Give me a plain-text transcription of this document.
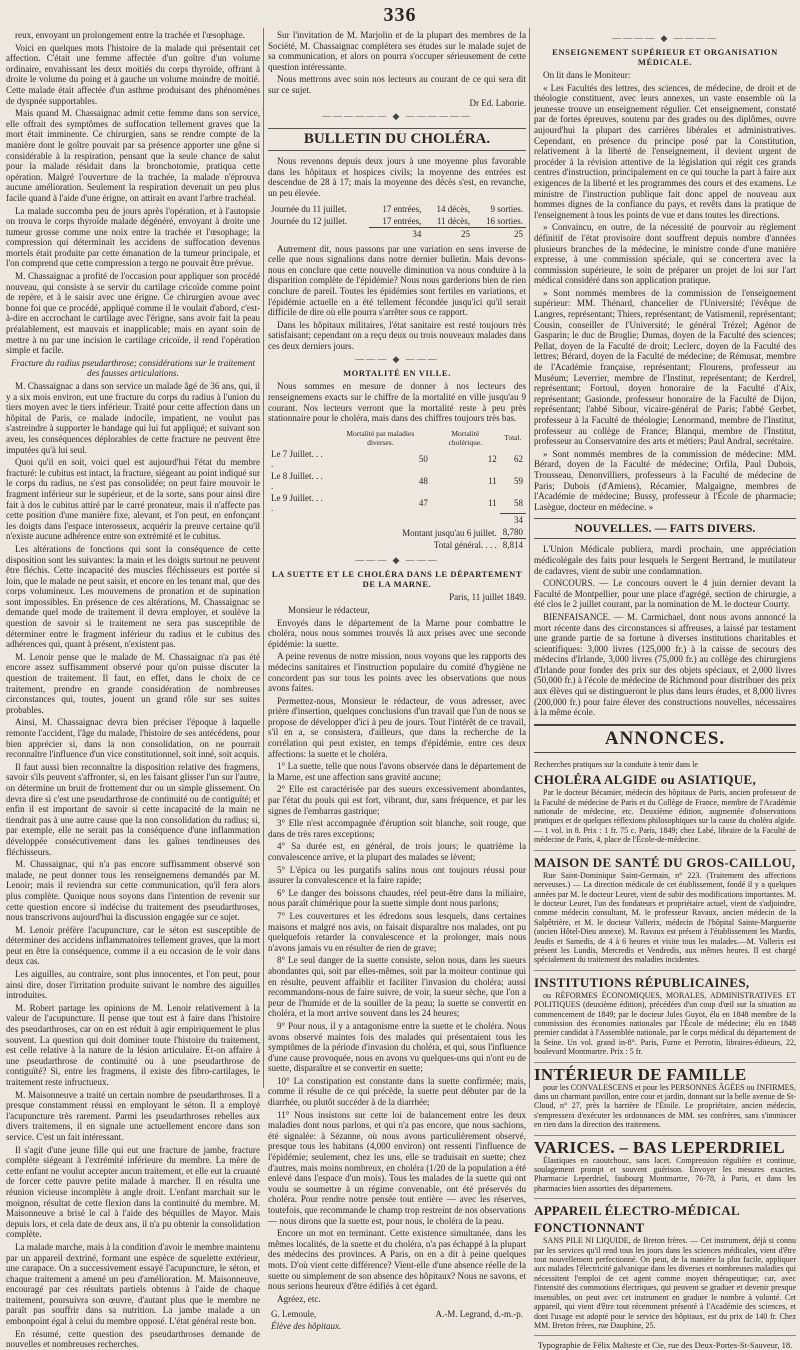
336

reux, envoyant un prolongement entre la trachée et l'œsophage.

Voici en quelques mots l'histoire de la malade qui présentait cet affection. C'était une femme affectée d'un goître d'un volume ordinaire, envahissant les deux moitiés du corps thyroïde, offrant à droite le volume du poing et à gauche un volume moindre de moitié. Cette malade était affectée d'un asthme produisant des phénomènes de dyspnée supportables.

Mais quand M. Chassaignac admit cette femme dans son service, elle offrait des symptômes de suffocation tellement graves que la mort était imminente. Ce chirurgien, sans se rendre compte de la manière dont le goître pouvait par sa présence apporter une gêne si considérable à la respiration, pensant que la seule chance de salut pour la malade résidait dans la bronchotomie, pratiqua cette opération. Malgré l'ouverture de la trachée, la malade n'éprouva aucune amélioration. Seulement la respiration devenait un peu plus facile quand à l'aide d'une érigne, on attirait en avant l'arbre trachéal.

La malade succomba peu de jours après l'opération, et à l'autopsie on trouva le corps thyroïde malade dégénéré, envoyant à droite une tumeur grosse comme une noix entre la trachée et l'œsophage; la compression qui déterminait les accidens de suffocation devenus mortels était produite par cette émanation de la tumeur principale, et l'on comprend que cette compression a tergo ne pouvait être prévue.

M. Chassaignac a profité de l'occasion pour appliquer son procédé nouveau, qui consiste à se servir du cartilage cricoïde comme point de repère, et à le saisir avec une érigne. Ce chirurgien avoue avec bonne foi que ce procédé, appliqué comme il le voulait d'abord, c'est-à-dire en accrochant le cartilage avec l'érigne, sans avoir fait la peau préalablement, est mauvais et inapplicable; mais en ayant soin de mettre à nu par une incision le cartilage cricoïde, il rend l'opération simple et facile.

Fracture du radius pseudarthrose; considérations sur le traitement des fausses articulations.

M. Chassaignac a dans son service un malade âgé de 36 ans, qui, il y a six mois environ, eut une fracture du corps du radius à l'union du tiers moyen avec le tiers inférieur. Traité pour cette affection dans un hôpital de Paris, ce malade indocile, impatient, ne voulut pas s'astreindre à supporter le bandage qui lui fut appliqué; et suivant son aveu, les conséquences déplorables de cette fracture ne peuvent être imputées qu'à lui seul.

Quoi qu'il en soit, voici quel est aujourd'hui l'état du membre fracturé: le cubitus est intact, la fracture, siégeant au point indiqué sur le corps du radius, ne s'est pas consolidée; on peut faire mouvoir le fragment inférieur sur le supérieur, et de la sorte, sans pour ainsi dire fait à dos le cubitus attiré par le carré pronateur, mais il n'affecte pas cette position d'une manière fixe, alevant, et l'on peut, en enfonçant les doigts dans l'espace interosseux, acquérir la preuve certaine qu'il n'existe aucune adhérence entre son extrémité et le cubitus.

Les altérations de fonctions qui sont la conséquence de cette disposition sont les suivantes: la main et les doigts surtout ne peuvent être fléchis. Cette incapacité des muscles fléchisseurs est portée si loin, que le malade ne peut saisir, et encore en les tenant mal, que des corps volumineux. Les mouvemens de pronation et de supination sont impossibles. En présence de ces altérations, M. Chassaignac se demande quel mode de traitement il devra employer, et soulève la question de savoir si le traitement ne sera pas susceptible de déterminer entre le fragment inférieur du radius et le cubitus des adhérences qui, quant à présent, n'existent pas.

M. Lenoir pense que le malade de M. Chassaignac n'a pas été encore assez suffisamment observé pour qu'on puisse discuter la question de traitement. Il faut, en effet, dans le choix de ce traitement, prendre en grande considération de nombreuses circonstances qui, toutes, jouent un grand rôle sur ses suites probables.

Ainsi, M. Chassaignac devra bien préciser l'époque à laquelle remonte l'accident, l'âge du malade, l'histoire de ses antécédens, pour bien apprécier si, dans la non consolidation, on ne pourrait reconnaître l'influence d'un vice constitutionnel, soit inné, soit acquis.

Il faut aussi bien reconnaître la disposition relative des fragmens, savoir s'ils peuvent s'affronter, si, en les faisant glisser l'un sur l'autre, on détermine un bruit de frottement dur ou un simple glissement. On devra dire si c'est une pseudarthrose de continuité ou de contiguïté; et enfin il est important de savoir si cette incapacité de la main ne tiendrait pas à une autre cause que la non consolidation du radius; si, par exemple, elle ne serait pas la conséquence d'une inflammation développée consécutivement dans les gaînes tendineuses des fléchisseurs.

M. Chassaignac, qui n'a pas encore suffisamment observé son malade, ne peut donner tous les renseignemens demandés par M. Lenoir; mais il reviendra sur cette communication, qu'il fera alors plus complète. Quoique nous soyons dans l'intention de revenir sur cette question encore si indécise du traitement des pseudarthroses, nous transcrivons aujourd'hui la discussion engagée sur ce sujet.

M. Lenoir préfère l'acupuncture, car le séton est susceptible de déterminer des accidens inflammatoires tellement graves, que la mort peut en être la conséquence, comme il a eu occasion de le voir dans deux cas.

Les aiguilles, au contraire, sont plus innocentes, et l'on peut, pour ainsi dire, doser l'irritation produite suivant le nombre des aiguilles introduites.

M. Robert partage les opinions de M. Lenoir relativement à la valeur de l'acupuncture. Il pense que tout est à faire dans l'histoire des pseudarthroses, car on en est réduit à agir empiriquement le plus souvent. La question qui doit dominer toute l'histoire du traitement, est celle relative à la nature de la lésion articulaire. Et-on affaire à une pseudarthrose de continuité ou à une pseudarthrose de contiguïté? Si, entre les fragmens, il existe des fibro-cartilages, le traitement reste infructueux.

M. Maisonneuve a traité un certain nombre de pseudarthroses. Il a presque constamment réussi en employant le séton. Il a employé l'acupuncture très rarement. Parmi les pseudarthroses rebelles aux divers traitemens, il en signale une actuellement encore dans son service. C'est un fait intéressant.

Il s'agit d'une jeune fille qui eut une fracture de jambe, fracture complète siégeant à l'extrémité inférieure du membre. La mère de cette enfant ne voulut accepter aucun traitement, et elle eut la cruauté de forcer cette pauvre petite malade à marcher. Il en résulta une réunion vicieuse incomplète à angle droit. L'enfant marchait sur le moignon, résultat de cette flexion dans la continuité du membre. M. Maisonneuve a brisé le cal à l'aide des béquilles de Mayor. Mais depuis lors, et cela date de deux ans, il n'a pu obtenir la consolidation complète.

La malade marche, mais à la condition d'avoir le membre maintenu par un appareil dextriné, formant une espèce de squelette extérieur, une carapace. On a successivement essayé l'acupuncture, le séton, et chaque traitement a amené un peu d'amélioration. M. Maisonneuve, encouragé par ces résultats partiels obtenus à l'aide de chaque traitement, poursuivra son œuvre, d'autant plus que le membre ne paraît pas souffrir dans sa nutrition. La jambe malade a un embonpoint égal à celui du membre opposé. L'état général reste bon.

En résumé, cette question des pseudarthroses demande de nouvelles et nombreuses recherches.

Sur l'invitation de M. Marjolin et de la plupart des membres de la Société, M. Chassaignac complétera ses études sur le malade sujet de sa communication, et alors on pourra s'occuper sérieusement de cette question intéressante.

Nous mettrons avec soin nos lecteurs au courant de ce qui sera dit sur ce sujet.

Dr Ed. Laborie.

—————— ◆ ——————
BULLETIN DU CHOLÉRA.

Nous revenons depuis deux jours à une moyenne plus favorable dans les hôpitaux et hospices civils; la moyenne des entrées est descendue de 28 à 17; mais la moyenne des décès s'est, en revanche, un peu élevée.

Journée du 11 juillet.	17 entrées,	14 décès,	9 sorties.
Journée du 12 juillet.	17 entrées,	11 décès,	16 sorties.
	34	25	25

Autrement dit, nous passons par une variation en sens inverse de celle que nous signalions dans notre dernier bulletin. Mais devons-nous en conclure que cette nouvelle diminution va nous conduire à la disparition complète de l'épidémie? Nous nous garderions bien de rien conclure de pareil. Toutes les épidémies sont fertiles en variations, et l'épidémie actuelle en a été tellement fécondée jusqu'ici qu'il serait difficile de dire où elle pourra s'arrêter sous ce rapport.

Dans les hôpitaux militaires, l'état sanitaire est resté toujours très satisfaisant; cependant on a reçu deux ou trois nouveaux malades dans ces deux derniers jours.

——— ◆ ———
MORTALITÉ EN VILLE.

Nous sommes en mesure de donner à nos lecteurs des renseignemens exacts sur le chiffre de la mortalité en ville jusqu'au 9 courant. Nos lecteurs verront que la mortalité reste à peu près stationnaire pour le choléra, mais dans des chiffres toujours très bas.

	Mortalité par maladies diverses.	Mortalité cholérique.	Total.
Le 7 Juillet. . . .	50	12	62
Le 8 Juillet. . . .	48	11	59
Le 9 Juillet. . . .	47	11	58
			34
Montant jusqu'au 6 juillet.			8,780
Total général. . . .			8,814
——— ◆ ———
LA SUETTE ET LE CHOLÉRA DANS LE DÉPARTEMENT DE LA MARNE.

Paris, 11 juillet 1849.

Monsieur le rédacteur,

Envoyés dans le département de la Marne pour combattre le choléra, nous nous sommes trouvés là aux prises avec une seconde épidémie: la suette.

A peine revenus de notre mission, nous voyons que les rapports des médecins sanitaires et l'instruction populaire du comité d'hygiène ne concordent pas sur tous les points avec les observations que nous avons faites.

Permettez-nous, Monsieur le rédacteur, de vous adresser, avec prière d'insertion, quelques conclusions d'un travail que l'un de nous se propose de développer d'ici à peu de jours. Tout l'intérêt de ce travail, s'il en a, se consistera, d'ailleurs, que dans la recherche de la corrélation qui peut exister, en temps d'épidémie, entre ces deux affections: la suette et le choléra.

1° La suette, telle que nous l'avons observée dans le département de la Marne, est une affection sans gravité aucune;

2° Elle est caractérisée par des sueurs excessivement abondantes, par l'état du pouls qui est fort, vibrant, dur, sans fréquence, et par les signes de l'embarras gastrique;

3° Elle n'est accompagnée d'éruption soit blanche, soit rouge, que dans de très rares exceptions;

4° Sa durée est, en général, de trois jours; le quatrième la convalescence arrive, et la plupart des malades se lèvent;

5° L'épica ou les purgatifs salins nous ont toujours réussi pour assurer la convalescence et la faire rapide;

6° Le danger des boissons chaudes, réel peut-être dans la miliaire, nous paraît chimérique pour la suette simple dont nous parlons;

7° Les couvertures et les édredons sous lesquels, dans certaines maisons et malgré nos avis, on faisait disparaître nos malades, ont pu quelquefois retarder la convalescence et la prolonger, mais nous n'avons jamais vu en résulter de rien de grave;

8° Le seul danger de la suette consiste, selon nous, dans les sueurs abondantes qui, soit par elles-mêmes, soit par la moiteur continue qui en résulte, peuvent affaiblir et faciliter l'invasion du choléra; aussi recommandons-nous de faire suivre, de voir, la sueur sèche, que l'on a peur de l'humide et de la souiller de la peau; la suette se convertit en choléra, et la mort arrive souvent dans les 24 heures;

9° Pour nous, il y a antagonisme entre la suette et le choléra. Nous avons observé maintes fois des malades qui présentaient tous les symptômes de la période d'invasion du choléra, et qui, sous l'influence d'une cause provoquée, nous en avons vu quelques-uns qui n'ont eu de suette, disparaître et se convertir en suette;

10° La constipation est constante dans la suette confirmée; mais, comme il résulte de ce qui précède, la suette peut débuter par de la diarrhée, ou plutôt succéder à de la diarrhée;

11° Nous insistons sur cette loi de balancement entre les deux maladies dont nous parlons, et qui n'a pas encore, que nous sachions, été signalée: à Sézanne, où nous avons particulièrement observé, presque tous les habitans (4,000 environ) ont ressenti l'influence de l'épidémie; seulement, chez les uns, elle se traduisait en suette; chez d'autres, mais moins nombreux, en choléra (1/20 de la population a été enlevé dans l'espace d'un mois). Tous les malades de la suette qui ont voulu se soumettre à un régime convenable, ont été préservés du choléra. Pour rendre notre pensée tout entière — avec les réserves, toutefois, que recommande le champ trop restreint de nos observations — nous dirons que la suette est, pour nous, le choléra de la peau.

Encore un mot en terminant. Cette existence simultanée, dans les mêmes localités, de la suette et du choléra, n'a pas échappé à la plupart des médecins des provinces. A Paris, on en a dit à peine quelques mots. D'où vient cette différence? Vient-elle d'une absence réelle de la suette ou simplement de son absence des hôpitaux? Nous ne savons, et nous serions heureux d'être édifiés à cet égard.

Agréez, etc.

G. Lemoule,	A.-M. Legrand, d.-m.-p.
Élève des hôpitaux.	
———— ◆ ————
ENSEIGNEMENT SUPÉRIEUR ET ORGANISATION MÉDICALE.

On lit dans le Moniteur:

« Les Facultés des lettres, des sciences, de médecine, de droit et de théologie constituent, avec leurs annexes, un vaste ensemble où la jeunesse trouve un enseignement régulier. Cet enseignement, constaté par de fortes épreuves, soutenu par des grades ou des diplômes, ouvre aujourd'hui la plupart des carrières libérales et administratives. Cependant, en présence du principe posé par la Constitution, relativement à la liberté de l'enseignement, il devient urgent de procéder à la révision attentive de la législation qui régit ces grands centres d'instruction, principalement en ce qui touche la part à faire aux exigences de la liberté et les programmes des cours et des examens. Le ministre de l'instruction publique fait donc appel de nouveau aux hommes dignes de la confiance du pays, et revêts dans la pratique de l'enseignement à tous les points de vue et dans toutes les directions.

» Convaincu, en outre, de la nécessité de pourvoir au règlement définitif de l'état provisoire dont souffrent depuis nombre d'années plusieurs branches de la médecine, le ministre conde d'une manière expresse, à une commission spéciale, qui se concertera avec la commission supérieure, le soin de préparer un projet de loi sur l'art médical considéré dans son application pratique.

» Sont nommés membres de la commission de l'enseignement supérieur: MM. Thénard, chancelier de l'Université; l'évêque de Langres, représentant; Thiers, représentant; de Vatismenil, représentant; Cousin, conseiller de l'Université; le général Trézel; Agénor de Gasparin; le duc de Broglie; Dumas, doyen de la Faculté des sciences; Pellat, doyen de la Faculté de droit; Leclerc, doyen de la Faculté des lettres; Bérard, doyen de la Faculté de médecine; de Rémusat, membre de l'Académie française, représentant; Flourens, professeur au Muséum; Leverrier, membre de l'Institut, représentant; de Kerdrel, représentant; Fortoul, doyen honoraire de la Faculté d'Aix, représentant; Gasionde, professeur honoraire de la Faculté de Dijon, représentant; l'abbé Sibour, vicaire-général de Paris; l'abbé Gerbet, professeur à la Faculté de théologie; Lenormand, membre de l'Institut, professeur au collège de France; Blanqui, membre de l'Institut, professeur au Conservatoire des arts et métiers; Paul Andral, secrétaire.

» Sont nommés membres de la commission de médecine: MM. Bérard, doyen de la Faculté de médecine; Orfila, Paul Dubois, Trousseau, Denonvilliers, professeurs à la Faculté de médecine de Paris; Dubois (d'Amiens), Récamier, Malgaigne, membres de l'Académie de médecine; Bussy, professeur à l'École de pharmacie; Lasègue, docteur en médecine. »

NOUVELLES. — FAITS DIVERS.

L'Union Médicale publiera, mardi prochain, une appréciation médicolégale des faits pour lesquels le Sergent Bertrand, le mutilateur de cadavres, vient de subir une condamnation.

CONCOURS. — Le concours ouvert le 4 juin dernier devant la Faculté de Montpellier, pour une place d'agrégé, section de chirurgie, a été clos le 2 juillet courant, par la nomination de M. le docteur Courty.

BIENFAISANCE. — M. Carmichael, dont nous avons annoncé la mort récente dans des circonstances si affreuses, a laissé par testament une grande partie de sa fortune à diverses institutions charitables et scientifiques: 3,000 livres (125,000 fr.) à la caisse de secours des médecins d'Irlande, 3,000 livres (75,000 fr.) au collège des chirurgiens d'Irlande pour fonder des prix sur des objets spéciaux, et 2,000 livres (50,000 fr.) à l'école de médecine de Richmond pour distribuer des prix aux élèves qui se distingueront le plus dans leurs études, et 8,000 livres (200,000 fr.) pour faire élever des constructions nouvelles, nécessaires à la même école.

ANNONCES.

Recherches pratiques sur la conduite à tenir dans le

CHOLÉRA ALGIDE ou ASIATIQUE,

Par le docteur Bécamier, médecin des hôpitaux de Paris, ancien professeur de la Faculté de médecine de Paris et du Collège de France, membre de l'Académie nationale de médecine, etc. Deuxième édition, augmentée d'observations pratiques et de quelques réflexions philosophiques sur la cause du choléra algide. — 1 vol. in 8. Prix : 1 fr. 75 c. Paris, 1849; chez Labé, libraire de la Faculté de médecine de Paris, 4, place de l'École-de-médecine.

MAISON DE SANTÉ DU GROS-CAILLOU,

Rue Saint-Dominique Saint-Germain, n° 223. (Traitement des affections nerveuses.) — La direction médicale de cet établissement, fondé il y a quelques années par M. le docteur Leuret, vient de subir des modifications importantes. M. le docteur Leuret, l'un des fondateurs et propriétaire actuel, vient de s'adjoindre, comme médecin consultant, M. le professeur Ravaux, ancien médecin de la Salpêtrière, et M. le docteur Vallerix, médecin de l'hôpital Sainte-Marguerite (ancien Hôtel-Dieu annexe). M. Ravaux est présent à l'établissement les Mardis, Jeudis et Samedis, de 4 à 6 heures et visite tous les malades.—M. Vallerix est présent les Lundis, Mercredis et Vendredis, aux mêmes heures. Il est chargé spécialement du traitement des maladies incidentes.

INSTITUTIONS RÉPUBLICAINES,

ou RÉFORMES ÉCONOMIQUES, MORALES, ADMINISTRATIVES ET POLITIQUES (deuxième édition), précédées d'un coup d'œil sur la situation au commencement de 1849; par le docteur Jules Guyot, élu en 1848 membre de la commission des économies nationales par l'École de médecine; élu en 1848 premier candidat à l'Assemblée nationale, par le corps médical du département de la Seine. Un vol. grand in-8°. Paris, Furne et Perrotin, libraires-éditeurs, 22, boulevard Montmartre. Prix : 5 fr.

INTÉRIEUR DE FAMILLE

pour les CONVALESCENS et pour les PERSONNES ÂGÉES ou INFIRMES, dans un charmant pavillon, entre cour et jardin, donnant sur la belle avenue de St-Cloud, n° 27, près la barrière de l'Étoile. Le propriétaire, ancien médecin, s'empressera d'exécuter les ordonnances de MM. ses confrères, sans s'immiscer en rien dans la direction des traitemens.

VARICES. – BAS LEPERDRIEL

Élastiques en caoutchouc, sans lacet. Compression régulière et continue, soulagement prompt et souvent guérison. Envoyer les mesures exactes. Pharmacie Leperdriel, faubourg Montmartre, 76-78, à Paris, et dans les pharmacies bien assorties des départemens.

APPAREIL ÉLECTRO-MÉDICAL FONCTIONNANT

SANS PILE NI LIQUIDE, de Breton frères. — Cet instrument, déjà si connu par les services qu'il rend tous les jours dans les sciences médicales, vient d'être tout nouvellement perfectionné. On peut, de la manière la plus facile, appliquer aux malades l'électricité galvanique dans les diverses et nombreuses maladies qui nécessitent l'emploi de cet agent comme moyen thérapeutique; car, avec l'intensité des commotions électriques, qui peuvent se graduer et devenir presque insensibles, on peut avec cet instrument en graduer le nombre à volonté. Cet appareil, qui vient d'être tout récemment présenté à l'Académie des sciences, et dont l'usage est adopté pour le service des hôpitaux, est du prix de 140 fr. Chez MM. Breton frères, rue Dauphine, 25.

Typographie de Félix Malteste et Cie, rue des Deux-Portes-St-Sauveur, 18.
